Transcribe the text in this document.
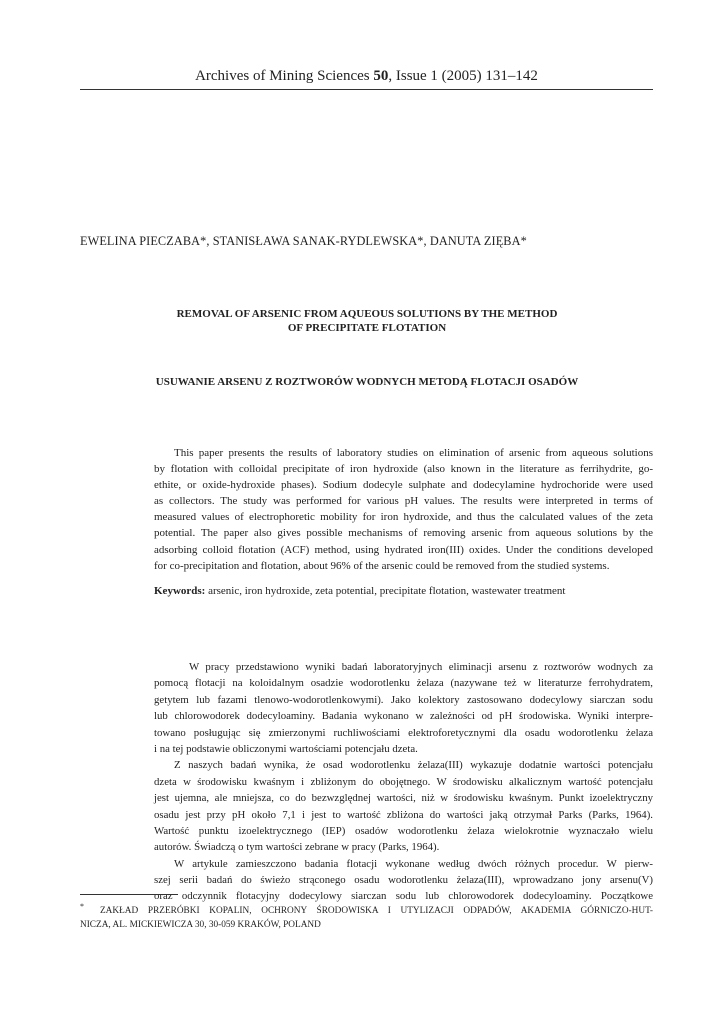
Archives of Mining Sciences 50, Issue 1 (2005) 131–142
EWELINA PIECZABA*, STANISŁAWA SANAK-RYDLEWSKA*, DANUTA ZIĘBA*
REMOVAL OF ARSENIC FROM AQUEOUS SOLUTIONS BY THE METHOD
OF PRECIPITATE FLOTATION
USUWANIE ARSENU Z ROZTWORÓW WODNYCH METODĄ FLOTACJI OSADÓW
This paper presents the results of laboratory studies on elimination of arsenic from aqueous solutions
by flotation with colloidal precipitate of iron hydroxide (also known in the literature as ferrihydrite, go-
ethite, or oxide-hydroxide phases). Sodium dodecyle sulphate and dodecylamine hydrochoride were used
as collectors. The study was performed for various pH values. The results were interpreted in terms of
measured values of electrophoretic mobility for iron hydroxide, and thus the calculated values of the zeta
potential. The paper also gives possible mechanisms of removing arsenic from aqueous solutions by the
adsorbing colloid flotation (ACF) method, using hydrated iron(III) oxides. Under the conditions developed
for co-precipitation and flotation, about 96% of the arsenic could be removed from the studied systems.
Keywords: arsenic, iron hydroxide, zeta potential, precipitate flotation, wastewater treatment
W pracy przedstawiono wyniki badań laboratoryjnych eliminacji arsenu z roztworów wodnych za
pomocą flotacji na koloidalnym osadzie wodorotlenku żelaza (nazywane też w literaturze ferrohydratem,
getytem lub fazami tlenowo-wodorotlenkowymi). Jako kolektory zastosowano dodecylowy siarczan sodu
lub chlorowodorek dodecyloaminy. Badania wykonano w zależności od pH środowiska. Wyniki interpre-
towano posługując się zmierzonymi ruchliwościami elektroforetycznymi dla osadu wodorotlenku żelaza
i na tej podstawie obliczonymi wartościami potencjału dzeta.
Z naszych badań wynika, że osad wodorotlenku żelaza(III) wykazuje dodatnie wartości potencjału
dzeta w środowisku kwaśnym i zbliżonym do obojętnego. W środowisku alkalicznym wartość potencjału
jest ujemna, ale mniejsza, co do bezwzględnej wartości, niż w środowisku kwaśnym. Punkt izoelektryczny
osadu jest przy pH około 7,1 i jest to wartość zbliżona do wartości jaką otrzymał Parks (Parks, 1964).
Wartość punktu izoelektrycznego (IEP) osadów wodorotlenku żelaza wielokrotnie wyznaczało wielu
autorów. Świadczą o tym wartości zebrane w pracy (Parks, 1964).
W artykule zamieszczono badania flotacji wykonane według dwóch różnych procedur. W pierw-
szej serii badań do świeżo strąconego osadu wodorotlenku żelaza(III), wprowadzano jony arsenu(V)
oraz odczynnik flotacyjny dodecylowy siarczan sodu lub chlorowodorek dodecyloaminy. Początkowe
*	ZAKŁAD PRZERÓBKI KOPALIN, OCHRONY ŚRODOWISKA I UTYLIZACJI ODPADÓW, AKADEMIA GÓRNICZO-HUT-
NICZA, AL. MICKIEWICZA 30, 30-059 KRAKÓW, POLAND
